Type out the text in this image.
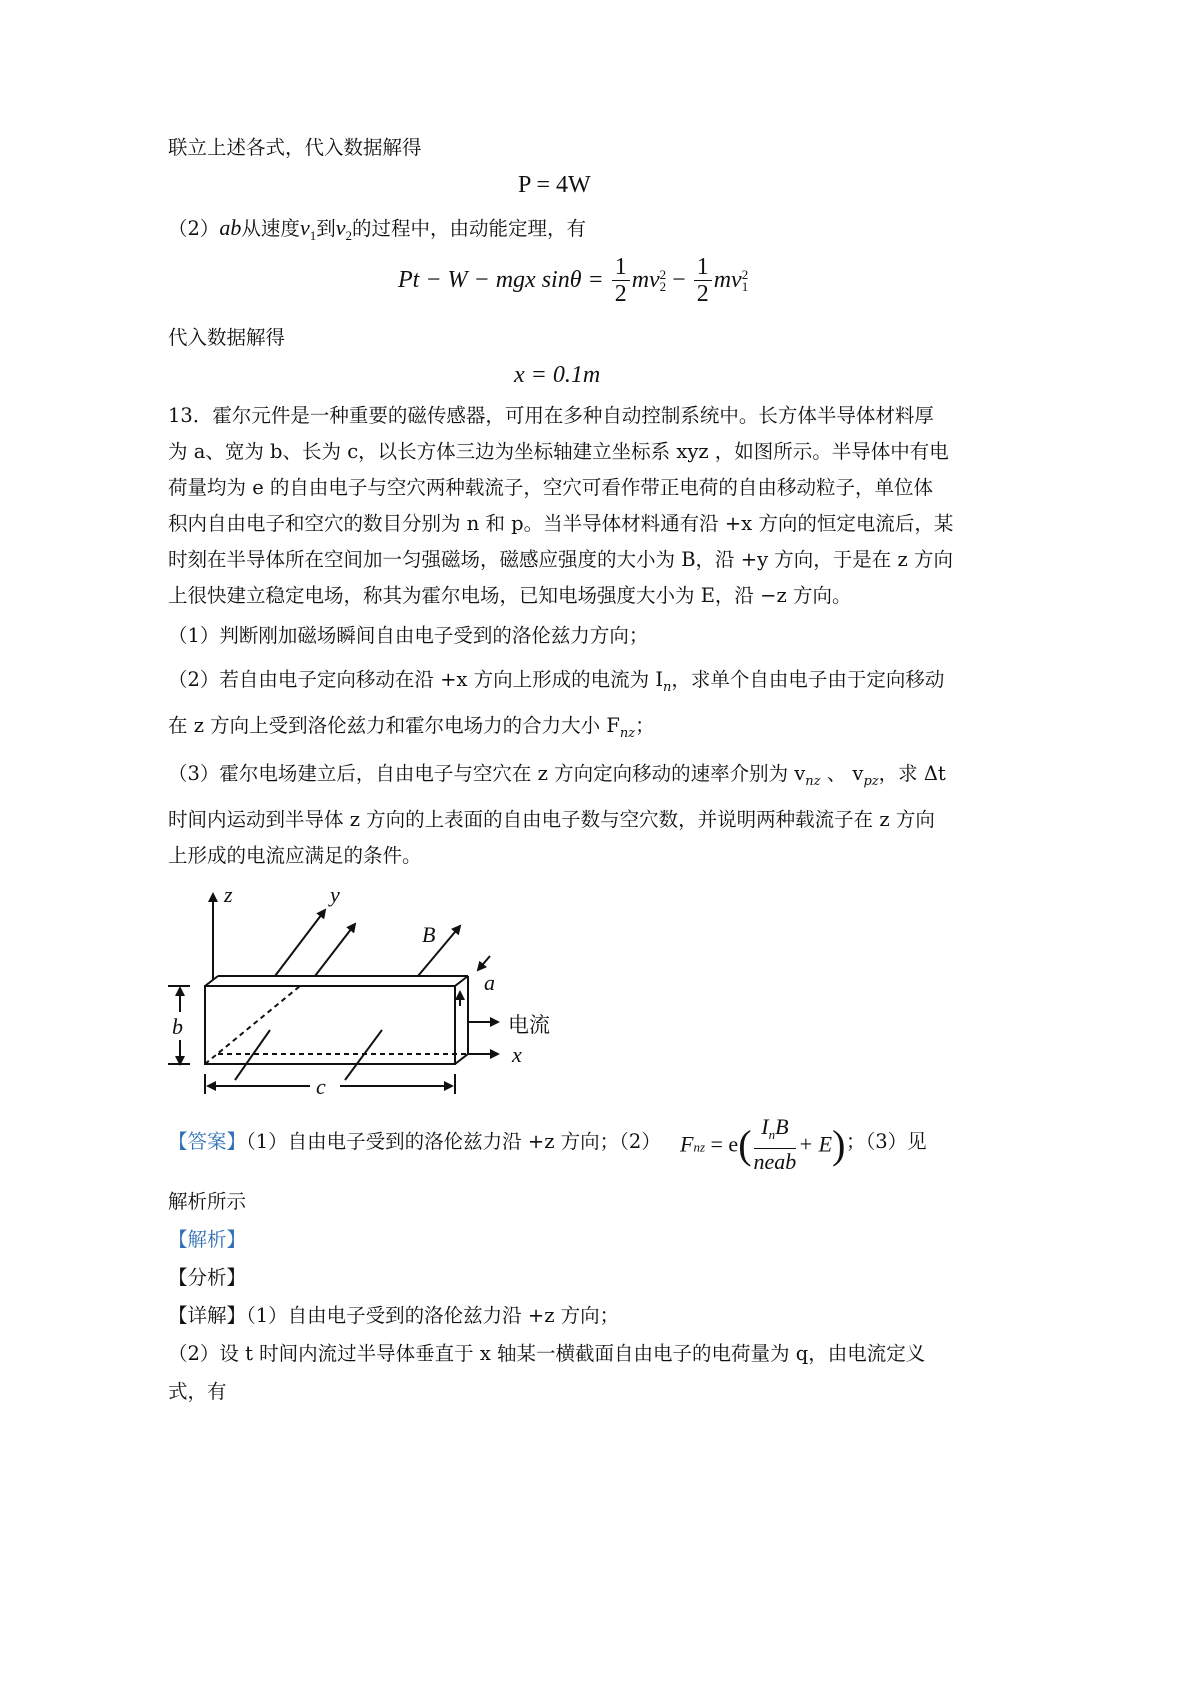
联立上述各式，代入数据解得
P = 4W
（2）ab从速度$v_1$到$v_2$的过程中，由动能定理，有
Pt − W − mgx $\sin\theta = \frac{1}{2}$ mv 2
$2 - \frac{1}{2}$ mv 2
1
代入数据解得
x = 0.1m
13．霍尔元件是一种重要的磁传感器，可用在多种自动控制系统中。长方体半导体材料厚
为 a、宽为 b、长为 c，以长方体三边为坐标轴建立坐标系 xyz ，如图所示。半导体中有电
荷量均为 e 的自由电子与空穴两种载流子，空穴可看作带正电荷的自由移动粒子，单位体
积内自由电子和空穴的数目分别为 n 和 p。当半导体材料通有沿 +x 方向的恒定电流后，某
时刻在半导体所在空间加一匀强磁场，磁感应强度的大小为 B，沿 +y 方向，于是在 z 方向
上很快建立稳定电场，称其为霍尔电场，已知电场强度大小为 E，沿 −z 方向。
（1）判断刚加磁场瞬间自由电子受到的洛伦兹力方向；
（2）若自由电子定向移动在沿 +x 方向上形成的电流为 $I_n$，求单个自由电子由于定向移动
在 z 方向上受到洛伦兹力和霍尔电场力的合力大小 $F_{nz}$；
（3）霍尔电场建立后，自由电子与空穴在 z 方向定向移动的速率介别为 $v_{nz}$ 、 $v_{pz}$，求 Δt
时间内运动到半导体 z 方向的上表面的自由电子数与空穴数，并说明两种载流子在 z 方向
上形成的电流应满足的条件。
z	y
B
a
b
c
x
电流
【答案】（1）自由电子受到的洛伦兹力沿 +z 方向；（2） Fnz = $e( \frac{I_nB}{\text{neab}} + E)$ ；（3）见
解析所示
【解析】
【分析】
【详解】（1）自由电子受到的洛伦兹力沿 +z 方向；
（2）设 t 时间内流过半导体垂直于 x 轴某一横截面自由电子的电荷量为 q，由电流定义
式，有
